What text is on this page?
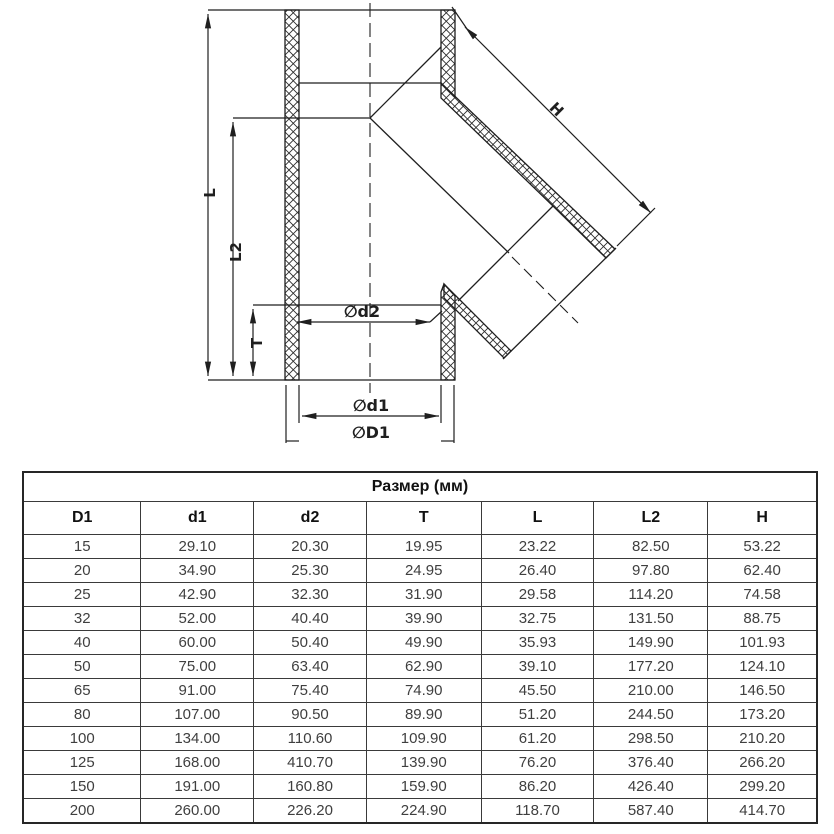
L
L2
T
H
∅d2
∅d1
∅D1
Размер (мм)						
D1	d1	d2	T	L	L2	H
15	29.10	20.30	19.95	23.22	82.50	53.22
20	34.90	25.30	24.95	26.40	97.80	62.40
25	42.90	32.30	31.90	29.58	114.20	74.58
32	52.00	40.40	39.90	32.75	131.50	88.75
40	60.00	50.40	49.90	35.93	149.90	101.93
50	75.00	63.40	62.90	39.10	177.20	124.10
65	91.00	75.40	74.90	45.50	210.00	146.50
80	107.00	90.50	89.90	51.20	244.50	173.20
100	134.00	110.60	109.90	61.20	298.50	210.20
125	168.00	410.70	139.90	76.20	376.40	266.20
150	191.00	160.80	159.90	86.20	426.40	299.20
200	260.00	226.20	224.90	118.70	587.40	414.70
